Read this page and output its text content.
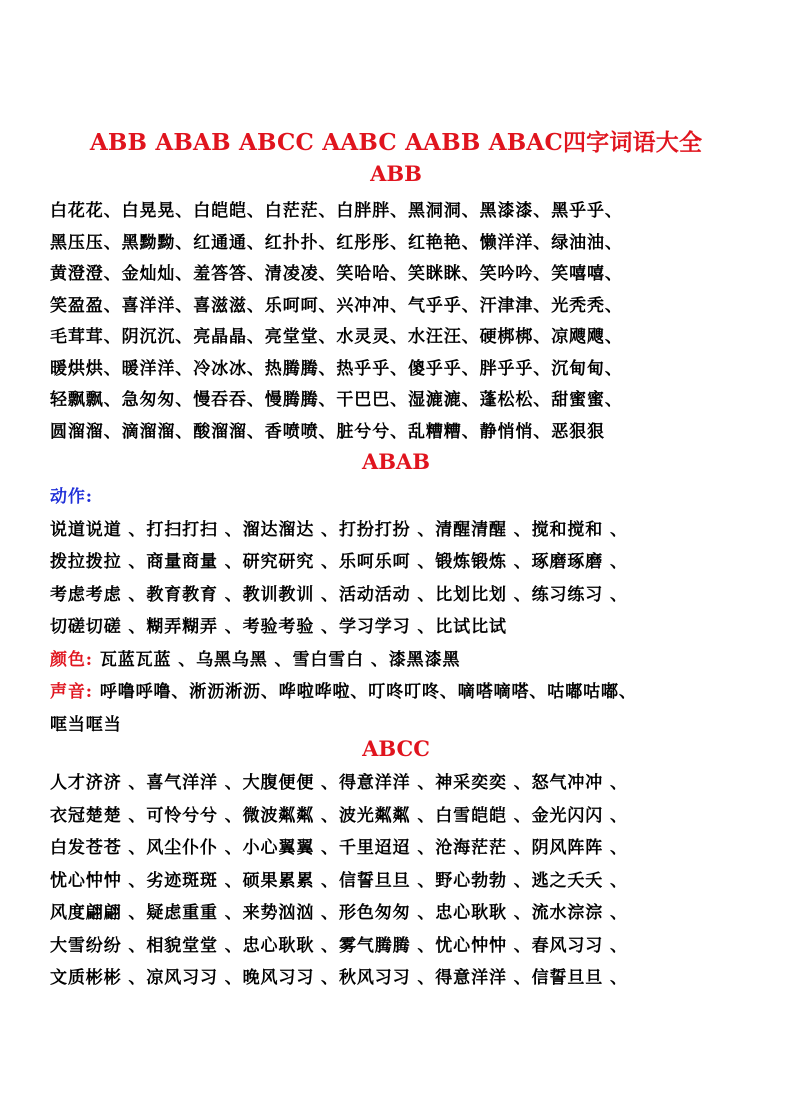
ABB ABAB ABCC AABC AABB ABAC四字词语大全
ABB
白花花、白晃晃、白皑皑、白茫茫、白胖胖、黑洞洞、黑漆漆、黑乎乎、
黑压压、黑黝黝、红通通、红扑扑、红彤彤、红艳艳、懒洋洋、绿油油、
黄澄澄、金灿灿、羞答答、清凌凌、笑哈哈、笑眯眯、笑吟吟、笑嘻嘻、
笑盈盈、喜洋洋、喜滋滋、乐呵呵、兴冲冲、气乎乎、汗津津、光秃秃、
毛茸茸、阴沉沉、亮晶晶、亮堂堂、水灵灵、水汪汪、硬梆梆、凉飕飕、
暖烘烘、暖洋洋、冷冰冰、热腾腾、热乎乎、傻乎乎、胖乎乎、沉甸甸、
轻飘飘、急匆匆、慢吞吞、慢腾腾、干巴巴、湿漉漉、蓬松松、甜蜜蜜、
圆溜溜、滴溜溜、酸溜溜、香喷喷、脏兮兮、乱糟糟、静悄悄、恶狠狠
ABAB
动作:
说道说道 、打扫打扫 、溜达溜达 、打扮打扮 、清醒清醒 、搅和搅和 、
拨拉拨拉 、商量商量 、研究研究 、乐呵乐呵 、锻炼锻炼 、琢磨琢磨 、
考虑考虑 、教育教育 、教训教训 、活动活动 、比划比划 、练习练习 、
切磋切磋 、糊弄糊弄 、考验考验 、学习学习 、比试比试
颜色: 瓦蓝瓦蓝 、乌黑乌黑 、雪白雪白 、漆黑漆黑
声音: 呼噜呼噜、淅沥淅沥、哗啦哗啦、叮咚叮咚、嘀嗒嘀嗒、咕嘟咕嘟、
哐当哐当
ABCC
人才济济 、喜气洋洋 、大腹便便 、得意洋洋 、神采奕奕 、怒气冲冲 、
衣冠楚楚 、可怜兮兮 、微波粼粼 、波光粼粼 、白雪皑皑 、金光闪闪 、
白发苍苍 、风尘仆仆 、小心翼翼 、千里迢迢 、沧海茫茫 、阴风阵阵 、
忧心忡忡 、劣迹斑斑 、硕果累累 、信誓旦旦 、野心勃勃 、逃之夭夭 、
风度翩翩 、疑虑重重 、来势汹汹 、形色匆匆 、忠心耿耿 、流水淙淙 、
大雪纷纷 、相貌堂堂 、忠心耿耿 、雾气腾腾 、忧心忡忡 、春风习习 、
文质彬彬 、凉风习习 、晚风习习 、秋风习习 、得意洋洋 、信誓旦旦 、
